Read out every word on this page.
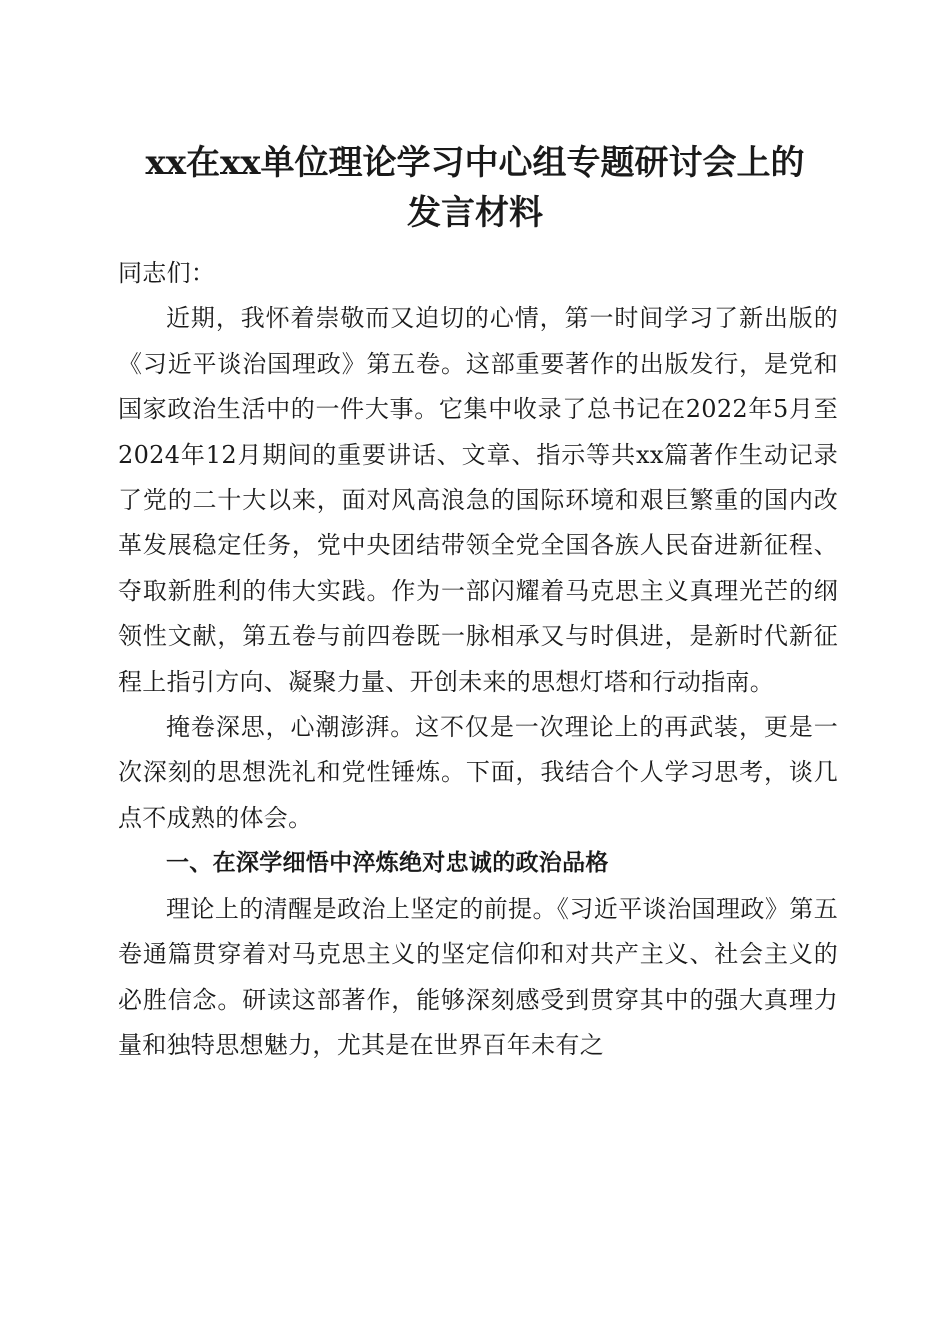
xx在xx单位理论学习中心组专题研讨会上的
发言材料

同志们：

近期，我怀着崇敬而又迫切的心情，第一时间学习了新出版的《习近平谈治国理政》第五卷。这部重要著作的出版发行，是党和国家政治生活中的一件大事。它集中收录了总书记在2022年5月至2024年12月期间的重要讲话、文章、指示等共xx篇著作生动记录了党的二十大以来，面对风高浪急的国际环境和艰巨繁重的国内改革发展稳定任务，党中央团结带领全党全国各族人民奋进新征程、夺取新胜利的伟大实践。作为一部闪耀着马克思主义真理光芒的纲领性文献，第五卷与前四卷既一脉相承又与时俱进，是新时代新征程上指引方向、凝聚力量、开创未来的思想灯塔和行动指南。

掩卷深思，心潮澎湃。这不仅是一次理论上的再武装，更是一次深刻的思想洗礼和党性锤炼。下面，我结合个人学习思考，谈几点不成熟的体会。

一、在深学细悟中淬炼绝对忠诚的政治品格

理论上的清醒是政治上坚定的前提。《习近平谈治国理政》第五卷通篇贯穿着对马克思主义的坚定信仰和对共产主义、社会主义的必胜信念。研读这部著作，能够深刻感受到贯穿其中的强大真理力量和独特思想魅力，尤其是在世界百年未有之
